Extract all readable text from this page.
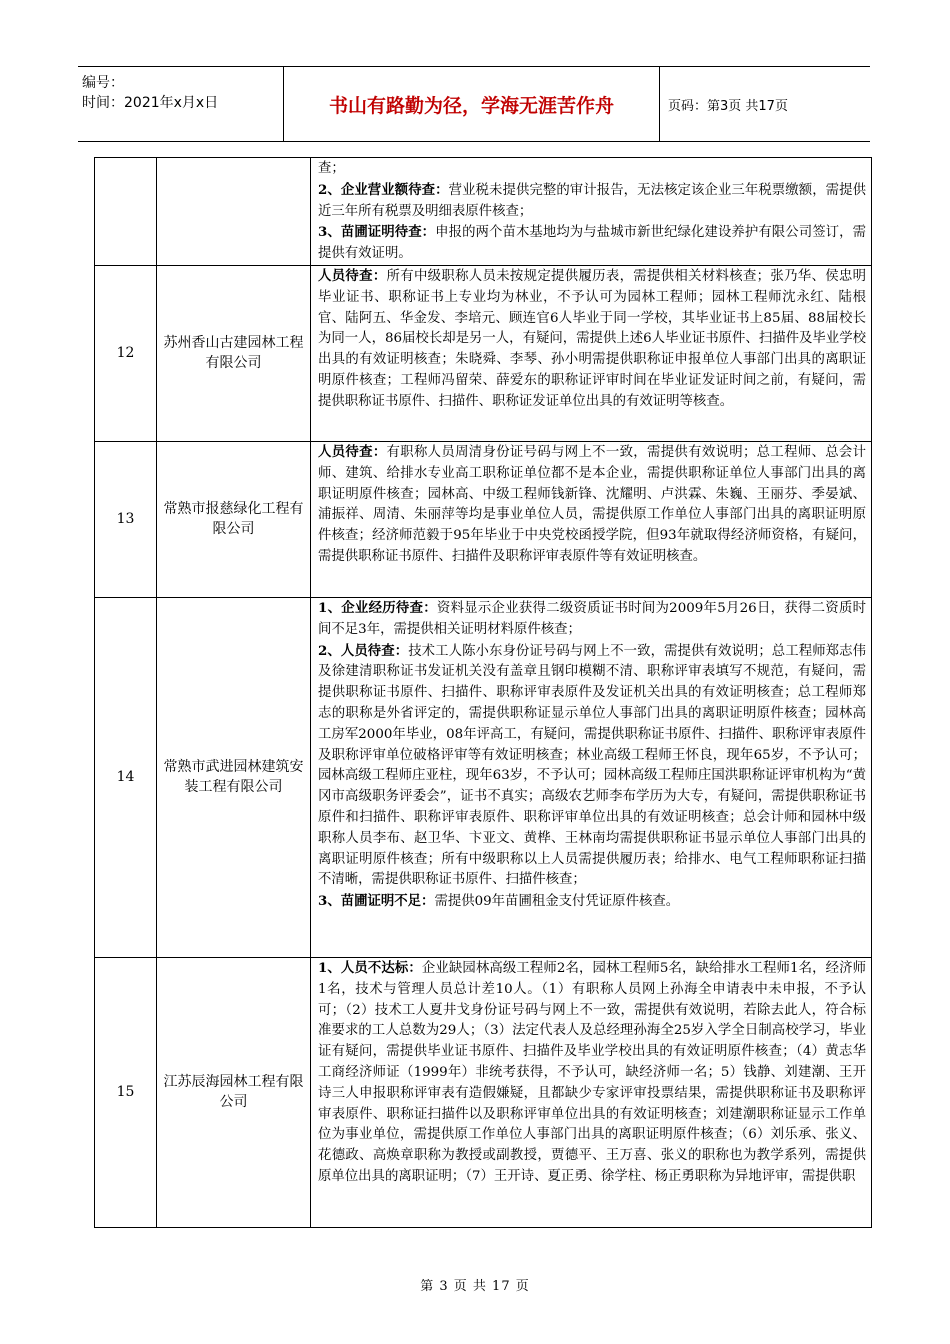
编号：
时间：2021年x月x日	书山有路勤为径，学海无涯苦作舟	页码：第3页 共17页

		查；

2、企业营业额待查：营业税未提供完整的审计报告，无法核定该企业三年税票缴额，需提供近三年所有税票及明细表原件核查；

3、苗圃证明待查：申报的两个苗木基地均为与盐城市新世纪绿化建设养护有限公司签订，需提供有效证明。

12	苏州香山古建园林工程有限公司	人员待查：所有中级职称人员未按规定提供履历表，需提供相关材料核查；张乃华、侯忠明毕业证书、职称证书上专业均为林业，不予认可为园林工程师；园林工程师沈永红、陆根官、陆阿五、华金发、李培元、顾连官6人毕业于同一学校，其毕业证书上85届、88届校长为同一人，86届校长却是另一人，有疑问，需提供上述6人毕业证书原件、扫描件及毕业学校出具的有效证明核查；朱晓舜、李琴、孙小明需提供职称证申报单位人事部门出具的离职证明原件核查；工程师冯留荣、薛爱东的职称证评审时间在毕业证发证时间之前，有疑问，需提供职称证书原件、扫描件、职称证发证单位出具的有效证明等核查。

13	常熟市报慈绿化工程有限公司	人员待查：有职称人员周清身份证号码与网上不一致，需提供有效说明；总工程师、总会计师、建筑、给排水专业高工职称证单位都不是本企业，需提供职称证单位人事部门出具的离职证明原件核查；园林高、中级工程师钱新锋、沈耀明、卢洪霖、朱巍、王丽芬、季晏斌、浦振祥、周清、朱丽萍等均是事业单位人员，需提供原工作单位人事部门出具的离职证明原件核查；经济师范毅于95年毕业于中央党校函授学院，但93年就取得经济师资格，有疑问，需提供职称证书原件、扫描件及职称评审表原件等有效证明核查。

14	常熟市武进园林建筑安装工程有限公司	1、企业经历待查：资料显示企业获得二级资质证书时间为2009年5月26日，获得二资质时间不足3年，需提供相关证明材料原件核查；

2、人员待查：技术工人陈小东身份证号码与网上不一致，需提供有效说明；总工程师郑志伟及徐建清职称证书发证机关没有盖章且钢印模糊不清、职称评审表填写不规范，有疑问，需提供职称证书原件、扫描件、职称评审表原件及发证机关出具的有效证明核查；总工程师郑志的职称是外省评定的，需提供职称证显示单位人事部门出具的离职证明原件核查；园林高工房军2000年毕业，08年评高工，有疑问，需提供职称证书原件、扫描件、职称评审表原件及职称评审单位破格评审等有效证明核查；林业高级工程师王怀良，现年65岁，不予认可；园林高级工程师庄亚柱，现年63岁，不予认可；园林高级工程师庄国洪职称证评审机构为“黄冈市高级职务评委会”，证书不真实；高级农艺师李布学历为大专，有疑问，需提供职称证书原件和扫描件、职称评审表原件、职称评审单位出具的有效证明核查；总会计师和园林中级职称人员李布、赵卫华、卞亚文、黄桦、王林南均需提供职称证书显示单位人事部门出具的离职证明原件核查；所有中级职称以上人员需提供履历表；给排水、电气工程师职称证扫描不清晰，需提供职称证书原件、扫描件核查；

3、苗圃证明不足：需提供09年苗圃租金支付凭证原件核查。

15	江苏辰海园林工程有限公司	1、人员不达标：企业缺园林高级工程师2名，园林工程师5名，缺给排水工程师1名，经济师1名，技术与管理人员总计差10人。（1）有职称人员网上孙海全申请表中未申报，不予认可；（2）技术工人夏井戈身份证号码与网上不一致，需提供有效说明，若除去此人，符合标准要求的工人总数为29人；（3）法定代表人及总经理孙海全25岁入学全日制高校学习，毕业证有疑问，需提供毕业证书原件、扫描件及毕业学校出具的有效证明原件核查；（4）黄志华工商经济师证（1999年）非统考获得，不予认可，缺经济师一名；5）钱静、刘建潮、王开诗三人申报职称评审表有造假嫌疑，且都缺少专家评审投票结果，需提供职称证书及职称评审表原件、职称证扫描件以及职称评审单位出具的有效证明核查；刘建潮职称证显示工作单位为事业单位，需提供原工作单位人事部门出具的离职证明原件核查；（6）刘乐承、张义、花德政、高焕章职称为教授或副教授，贾德平、王万喜、张义的职称也为教学系列，需提供原单位出具的离职证明；（7）王开诗、夏正勇、徐学柱、杨正勇职称为异地评审，需提供职

第 3 页 共 17 页
